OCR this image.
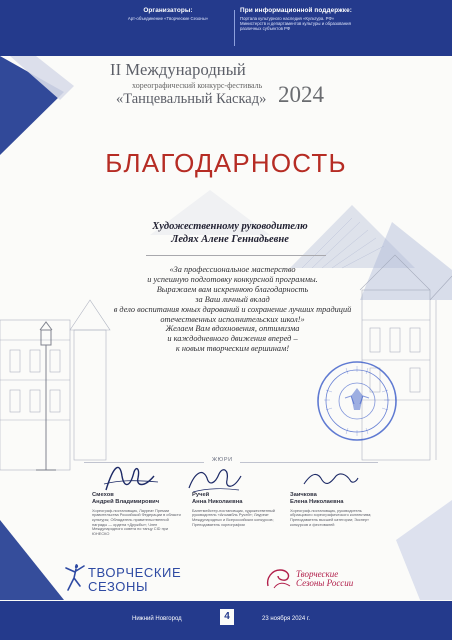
Организаторы:
Арт-объединение «Творческие Сезоны»
При информационной поддержке:
Портала культурного наследия «Культура. РФ»
Министерств и департаментов культуры и образования
различных субъектов РФ
II Международный
хореографический конкурс-фестиваль
«Танцевальный Каскад» 2024
БЛАГОДАРНОСТЬ
Художественному руководителю
Ледях Алене Геннадьевне
«За профессиональное мастерство
и успешную подготовку конкурсной программы.
Выражаем вам искреннюю благодарность
за Ваш личный вклад
в дело воспитания юных дарований и сохранение лучших традиций
отечественных исполнительских школ!»
Желаем Вам вдохновения, оптимизма
и каждодневного движения вперед –
к новым творческим вершинам!
ЖЮРИ
Смехов
Андрей Владимирович
Хореограф-постановщик, Лауреат Премии правительства Российской Федерации в области культуры; Обладатель правительственной награды — ордена «Дружбы»; Член Международного совета по танцу CID при ЮНЕСКО
Ручей
Анна Николаевна
Балетмейстер-постановщик, художественный руководитель «Ансамбль Ручей»; Лауреат Международных и Всероссийских конкурсов; Преподаватель хореографии
Заичкова
Елена Николаевна
Хореограф-постановщик, руководитель образцового хореографического коллектива; Преподаватель высшей категории; Эксперт конкурсов и фестивалей
ТВОРЧЕСКИЕ
СЕЗОНЫ
Творческие
Сезоны России
Нижний Новгород	4	23 ноября 2024 г.
